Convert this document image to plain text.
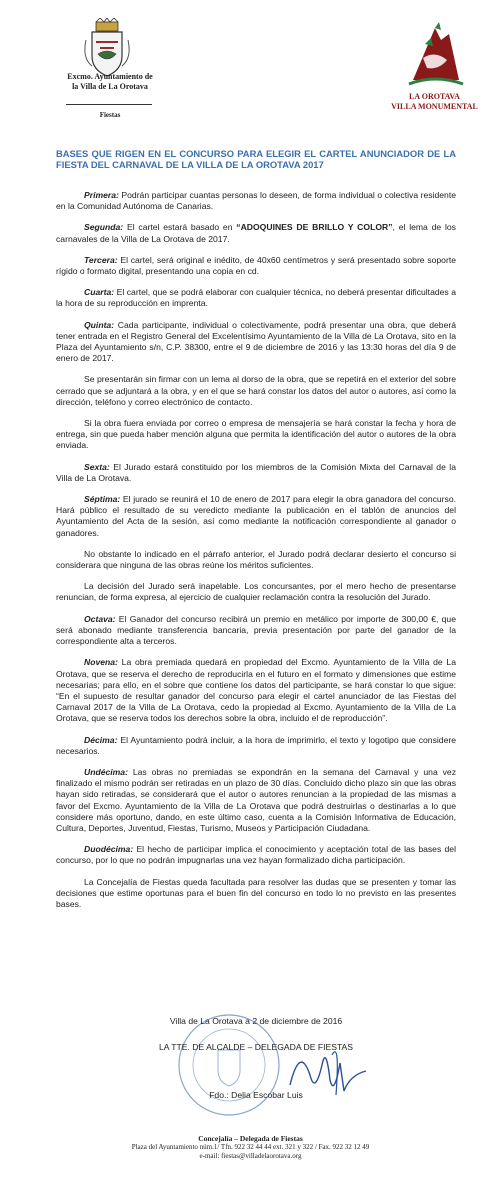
Excmo. Ayuntamiento de
la Villa de La Orotava
Fiestas
LA OROTAVA
VILLA MONUMENTAL
BASES QUE RIGEN EN EL CONCURSO PARA ELEGIR EL CARTEL ANUNCIADOR DE LA FIESTA DEL CARNAVAL DE LA VILLA DE LA OROTAVA 2017

Primera: Podrán participar cuantas personas lo deseen, de forma individual o colectiva residente en la Comunidad Autónoma de Canarias.

Segunda: El cartel estará basado en “ADOQUINES DE BRILLO Y COLOR”, el lema de los carnavales de la Villa de La Orotava de 2017.

Tercera: El cartel, será original e inédito, de 40x60 centímetros y será presentado sobre soporte rígido o formato digital, presentando una copia en cd.

Cuarta: El cartel, que se podrá elaborar con cualquier técnica, no deberá presentar dificultades a la hora de su reproducción en imprenta.

Quinta: Cada participante, individual o colectivamente, podrá presentar una obra, que deberá tener entrada en el Registro General del Excelentísimo Ayuntamiento de la Villa de La Orotava, sito en la Plaza del Ayuntamiento s/n, C.P. 38300, entre el 9 de diciembre de 2016 y las 13:30 horas del día 9 de enero de 2017.

Se presentarán sin firmar con un lema al dorso de la obra, que se repetirá en el exterior del sobre cerrado que se adjuntará a la obra, y en el que se hará constar los datos del autor o autores, así como la dirección, teléfono y correo electrónico de contacto.

Si la obra fuera enviada por correo o empresa de mensajería se hará constar la fecha y hora de entrega, sin que pueda haber mención alguna que permita la identificación del autor o autores de la obra enviada.

Sexta: El Jurado estará constituido por los miembros de la Comisión Mixta del Carnaval de la Villa de La Orotava.

Séptima: El jurado se reunirá el 10 de enero de 2017 para elegir la obra ganadora del concurso. Hará público el resultado de su veredicto mediante la publicación en el tablón de anuncios del Ayuntamiento del Acta de la sesión, así como mediante la notificación correspondiente al ganador o ganadores.

No obstante lo indicado en el párrafo anterior, el Jurado podrá declarar desierto el concurso si considerara que ninguna de las obras reúne los méritos suficientes.

La decisión del Jurado será inapelable. Los concursantes, por el mero hecho de presentarse renuncian, de forma expresa, al ejercicio de cualquier reclamación contra la resolución del Jurado.

Octava: El Ganador del concurso recibirá un premio en metálico por importe de 300,00 €, que será abonado mediante transferencia bancaria, previa presentación por parte del ganador de la correspondiente alta a terceros.

Novena: La obra premiada quedará en propiedad del Excmo. Ayuntamiento de la Villa de La Orotava, que se reserva el derecho de reproducirla en el futuro en el formato y dimensiones que estime necesarias; para ello, en el sobre que contiene los datos del participante, se hará constar lo que sigue: “En el supuesto de resultar ganador del concurso para elegir el cartel anunciador de las Fiestas del Carnaval 2017 de la Villa de La Orotava, cedo la propiedad al Excmo. Ayuntamiento de la Villa de La Orotava, que se reserva todos los derechos sobre la obra, incluido el de reproducción”.

Décima: El Ayuntamiento podrá incluir, a la hora de imprimirlo, el texto y logotipo que considere necesarios.

Undécima: Las obras no premiadas se expondrán en la semana del Carnaval y una vez finalizado el mismo podrán ser retiradas en un plazo de 30 días. Concluido dicho plazo sin que las obras hayan sido retiradas, se considerará que el autor o autores renuncian a la propiedad de las mismas a favor del Excmo. Ayuntamiento de la Villa de La Orotava que podrá destruirlas o destinarlas a lo que considere más oportuno, dando, en este último caso, cuenta a la Comisión Informativa de Educación, Cultura, Deportes, Juventud, Fiestas, Turismo, Museos y Participación Ciudadana.

Duodécima: El hecho de participar implica el conocimiento y aceptación total de las bases del concurso, por lo que no podrán impugnarlas una vez hayan formalizado dicha participación.

La Concejalía de Fiestas queda facultada para resolver las dudas que se presenten y tomar las decisiones que estime oportunas para el buen fin del concurso en todo lo no previsto en las presentes bases.

Villa de La Orotava a 2 de diciembre de 2016
LA TTE. DE ALCALDE – DELEGADA DE FIESTAS
Fdo.: Delia Escobar Luis
Concejalía – Delegada de Fiestas
Plaza del Ayuntamiento núm.1/ Tfn. 922 32 44 44 ext. 321 y 322 / Fax. 922 32 12 49
e-mail: fiestas@villadelaorotava.org
